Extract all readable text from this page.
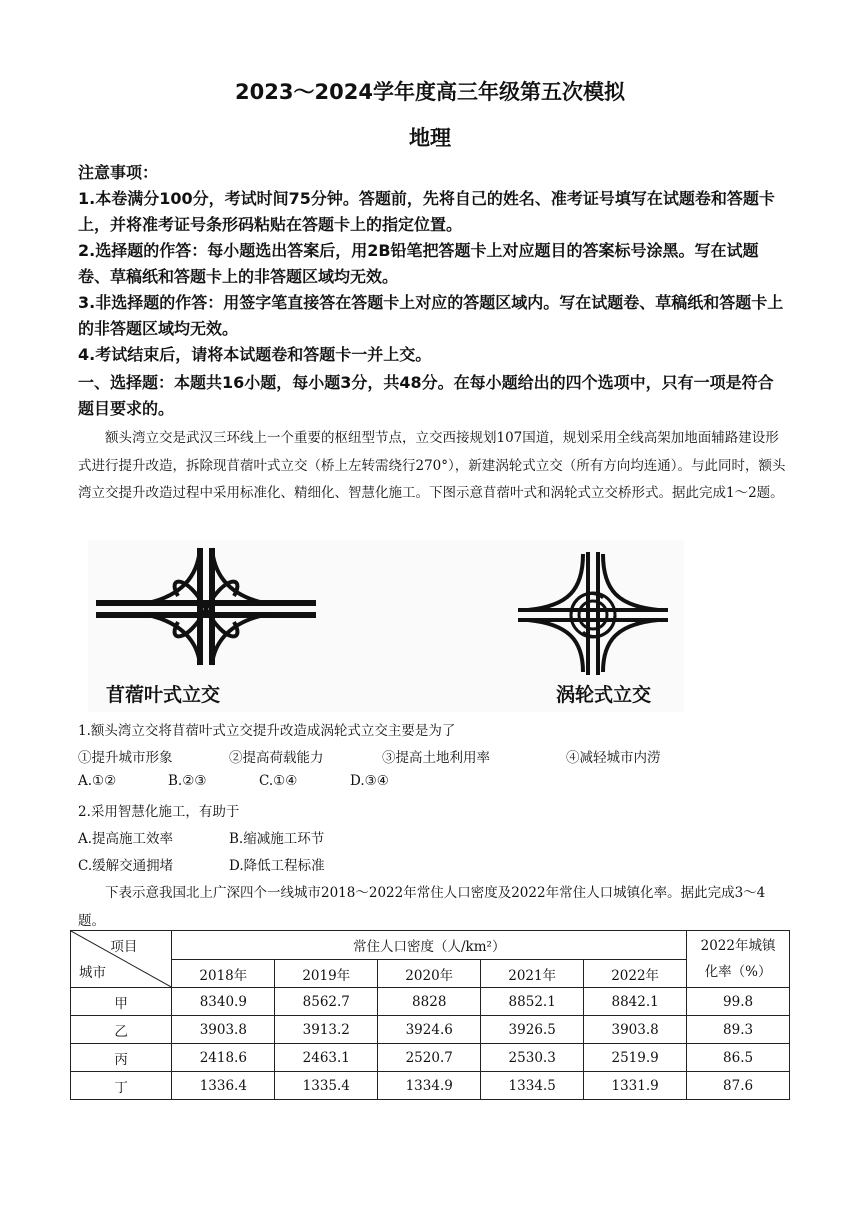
2023～2024学年度高三年级第五次模拟
地理
注意事项：
1.本卷满分100分，考试时间75分钟。答题前，先将自己的姓名、准考证号填写在试题卷和答题卡上，并将准考证号条形码粘贴在答题卡上的指定位置。
2.选择题的作答：每小题选出答案后，用2B铅笔把答题卡上对应题目的答案标号涂黑。写在试题卷、草稿纸和答题卡上的非答题区域均无效。
3.非选择题的作答：用签字笔直接答在答题卡上对应的答题区域内。写在试题卷、草稿纸和答题卡上的非答题区域均无效。
4.考试结束后，请将本试题卷和答题卡一并上交。
一、选择题：本题共16小题，每小题3分，共48分。在每小题给出的四个选项中，只有一项是符合题目要求的。
　　额头湾立交是武汉三环线上一个重要的枢纽型节点，立交西接规划107国道，规划采用全线高架加地面辅路建设形式进行提升改造，拆除现苜蓿叶式立交（桥上左转需绕行270°），新建涡轮式立交（所有方向均连通）。与此同时，额头湾立交提升改造过程中采用标准化、精细化、智慧化施工。下图示意苜蓿叶式和涡轮式立交桥形式。据此完成1～2题。
苜蓿叶式立交	涡轮式立交
1.额头湾立交将苜蓿叶式立交提升改造成涡轮式立交主要是为了
①提升城市形象	②提高荷载能力	③提高土地利用率	④减轻城市内涝
A.①②	B.②③	C.①④	D.③④
2.采用智慧化施工，有助于
A.提高施工效率	B.缩减施工环节
C.缓解交通拥堵	D.降低工程标准
　　下表示意我国北上广深四个一线城市2018～2022年常住人口密度及2022年常住人口城镇化率。据此完成3～4题。
项目
城市	常住人口密度（人/km²）					2022年城镇
化率（%）
	2018年	2019年	2020年	2021年	2022年	
甲	8340.9	8562.7	8828	8852.1	8842.1	99.8
乙	3903.8	3913.2	3924.6	3926.5	3903.8	89.3
丙	2418.6	2463.1	2520.7	2530.3	2519.9	86.5
丁	1336.4	1335.4	1334.9	1334.5	1331.9	87.6
